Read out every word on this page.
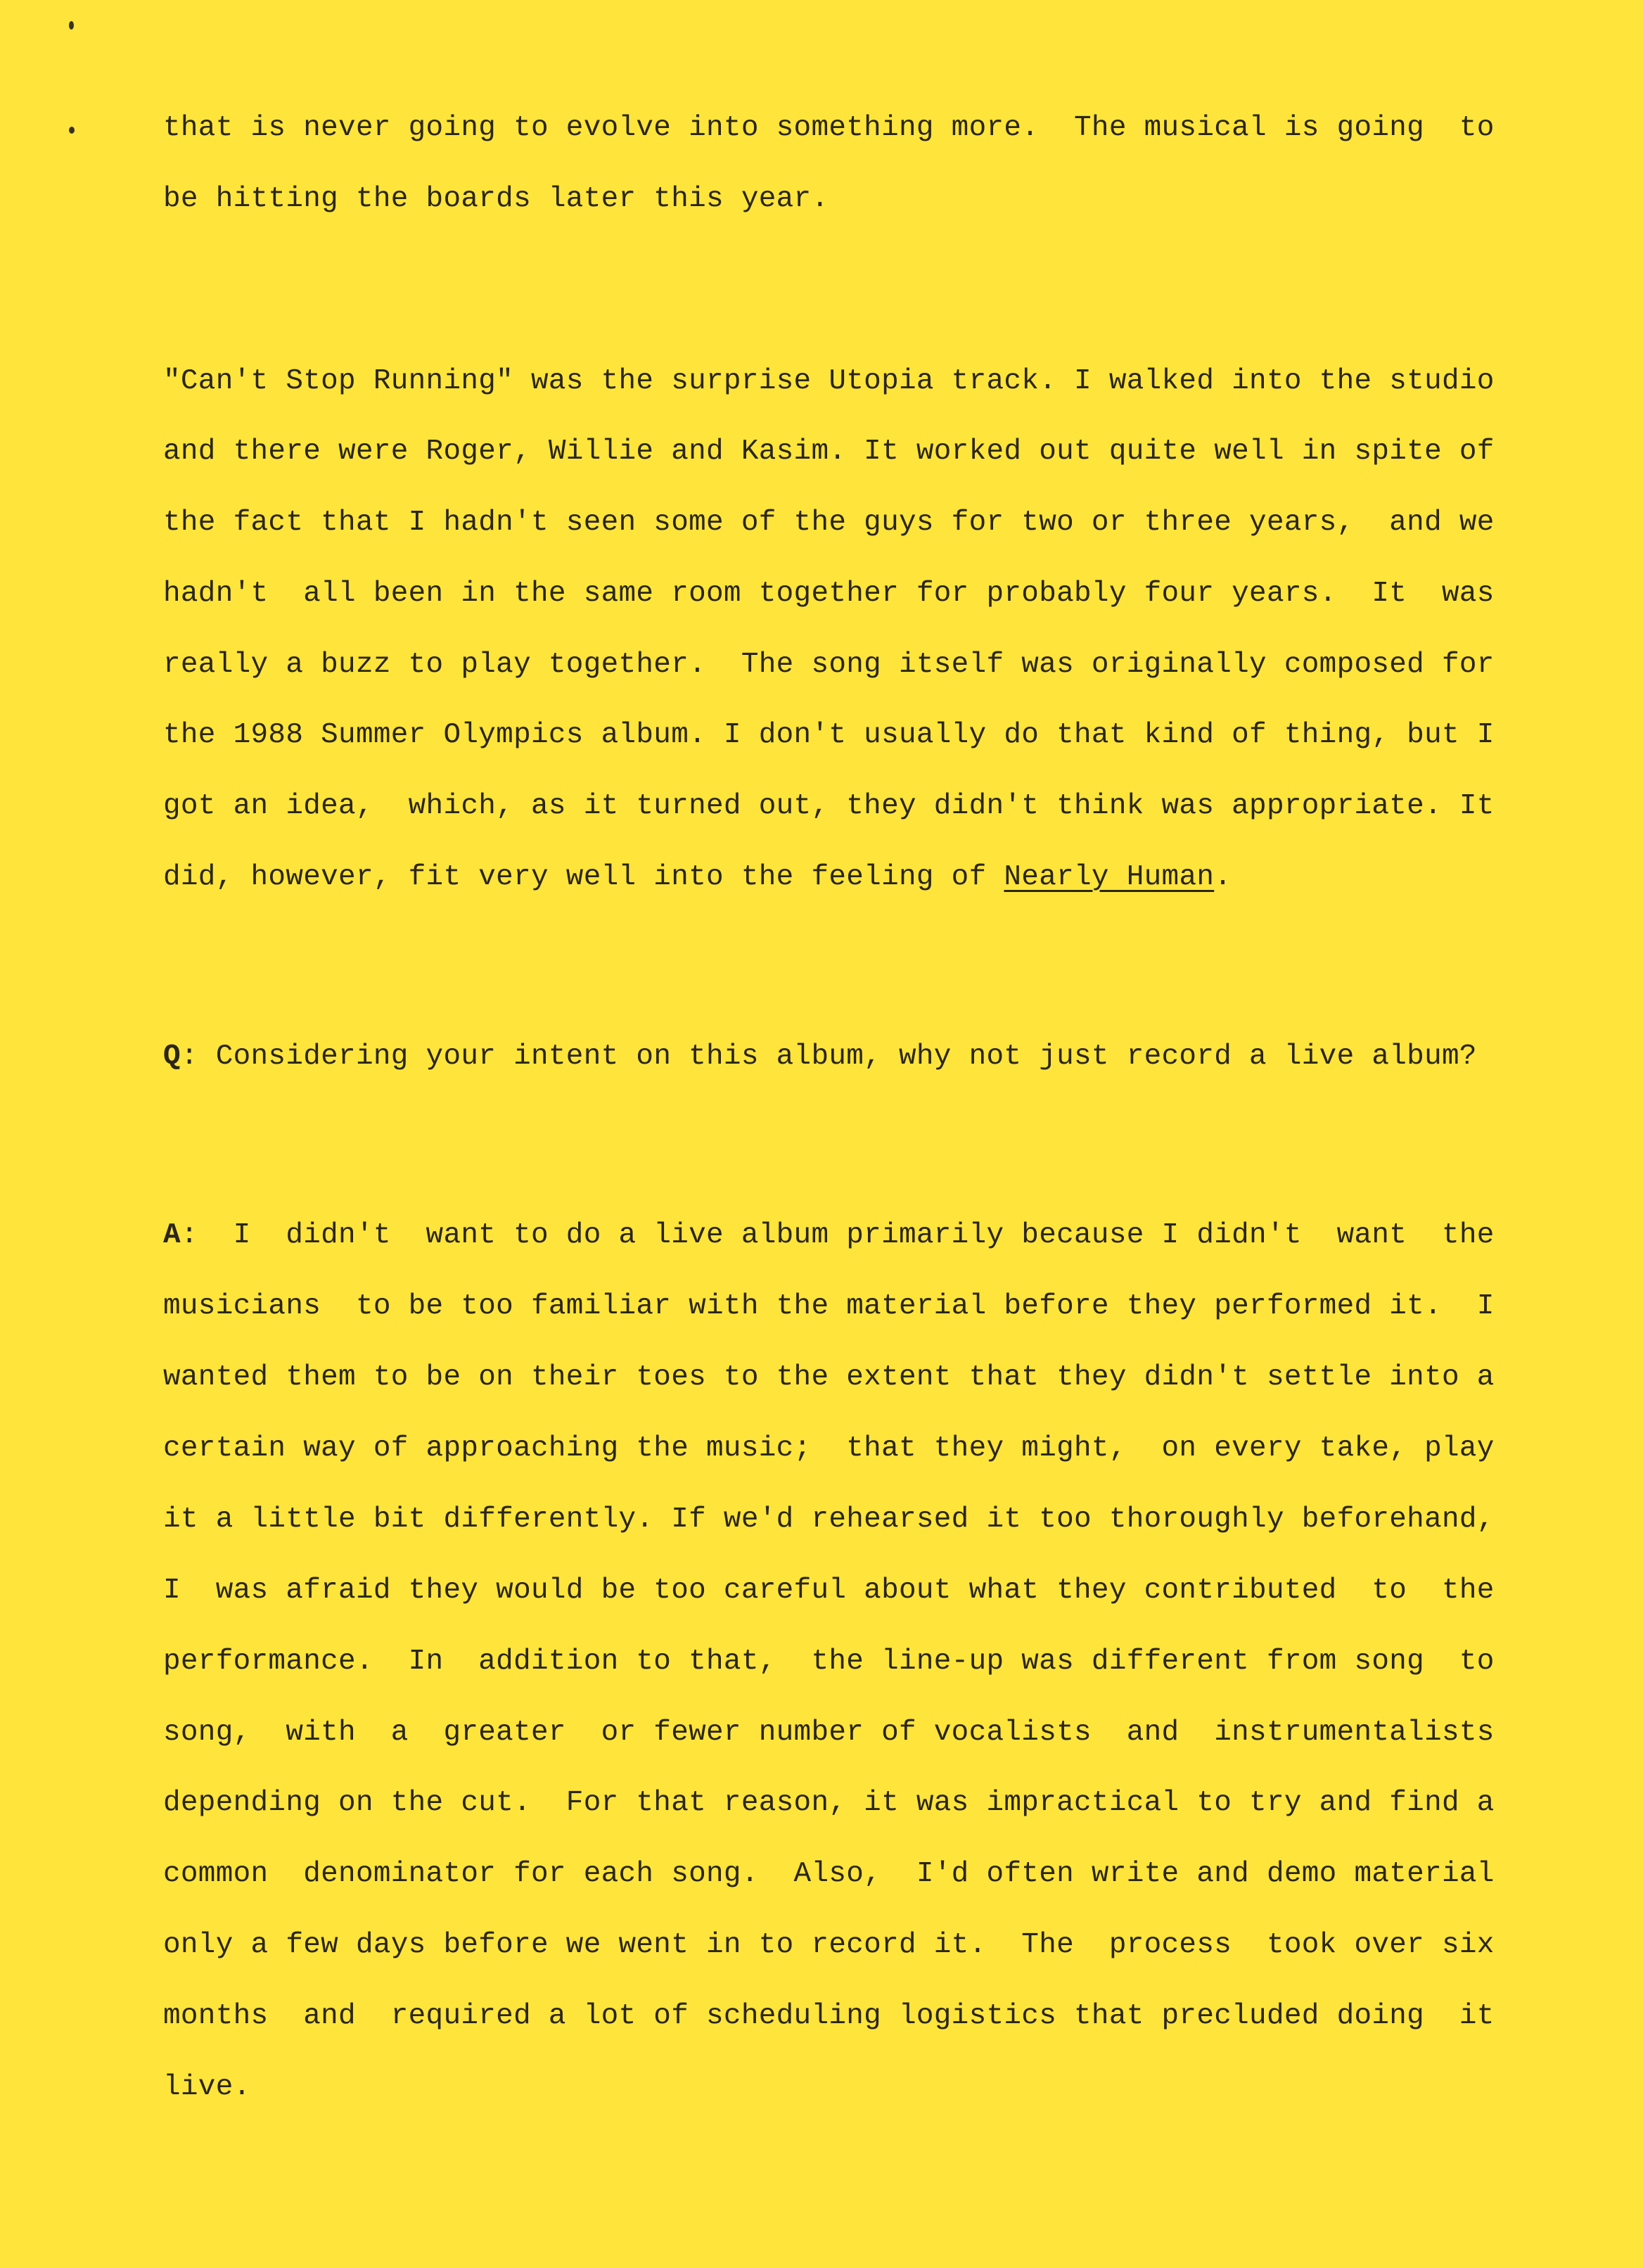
that is never going to evolve into something more.  The musical is going  to

be hitting the boards later this year.

"Can't Stop Running" was the surprise Utopia track. I walked into the studio

and there were Roger, Willie and Kasim. It worked out quite well in spite of

the fact that I hadn't seen some of the guys for two or three years,  and we

hadn't  all been in the same room together for probably four years.  It  was

really a buzz to play together.  The song itself was originally composed for

the 1988 Summer Olympics album. I don't usually do that kind of thing, but I

got an idea,  which, as it turned out, they didn't think was appropriate. It

did, however, fit very well into the feeling of Nearly Human.

Q: Considering your intent on this album, why not just record a live album?

A:  I  didn't  want to do a live album primarily because I didn't  want  the

musicians  to be too familiar with the material before they performed it.  I

wanted them to be on their toes to the extent that they didn't settle into a

certain way of approaching the music;  that they might,  on every take, play

it a little bit differently. If we'd rehearsed it too thoroughly beforehand,

I  was afraid they would be too careful about what they contributed  to  the

performance.  In  addition to that,  the line-up was different from song  to

song,  with  a  greater  or fewer number of vocalists  and  instrumentalists

depending on the cut.  For that reason, it was impractical to try and find a

common  denominator for each song.  Also,  I'd often write and demo material

only a few days before we went in to record it.  The  process  took over six

months  and  required a lot of scheduling logistics that precluded doing  it

live.
